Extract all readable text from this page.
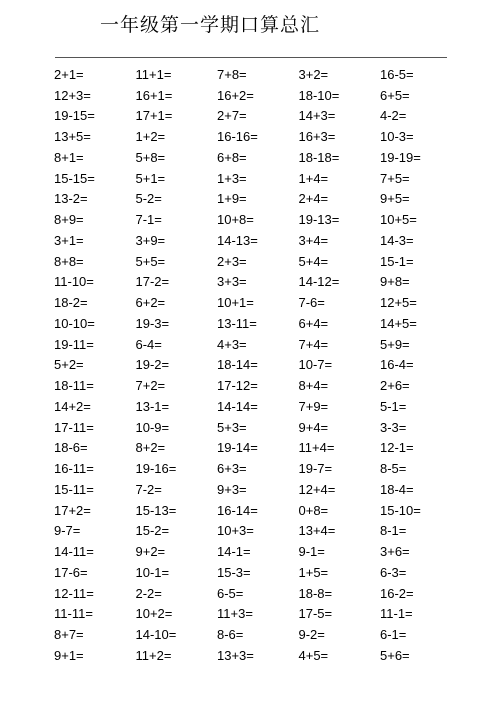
一年级第一学期口算总汇
2+1=	11+1=	7+8=	3+2=	16-5=
12+3=	16+1=	16+2=	18-10=	6+5=
19-15=	17+1=	2+7=	14+3=	4-2=
13+5=	1+2=	16-16=	16+3=	10-3=
8+1=	5+8=	6+8=	18-18=	19-19=
15-15=	5+1=	1+3=	1+4=	7+5=
13-2=	5-2=	1+9=	2+4=	9+5=
8+9=	7-1=	10+8=	19-13=	10+5=
3+1=	3+9=	14-13=	3+4=	14-3=
8+8=	5+5=	2+3=	5+4=	15-1=
11-10=	17-2=	3+3=	14-12=	9+8=
18-2=	6+2=	10+1=	7-6=	12+5=
10-10=	19-3=	13-11=	6+4=	14+5=
19-11=	6-4=	4+3=	7+4=	5+9=
5+2=	19-2=	18-14=	10-7=	16-4=
18-11=	7+2=	17-12=	8+4=	2+6=
14+2=	13-1=	14-14=	7+9=	5-1=
17-11=	10-9=	5+3=	9+4=	3-3=
18-6=	8+2=	19-14=	11+4=	12-1=
16-11=	19-16=	6+3=	19-7=	8-5=
15-11=	7-2=	9+3=	12+4=	18-4=
17+2=	15-13=	16-14=	0+8=	15-10=
9-7=	15-2=	10+3=	13+4=	8-1=
14-11=	9+2=	14-1=	9-1=	3+6=
17-6=	10-1=	15-3=	1+5=	6-3=
12-11=	2-2=	6-5=	18-8=	16-2=
11-11=	10+2=	11+3=	17-5=	11-1=
8+7=	14-10=	8-6=	9-2=	6-1=
9+1=	11+2=	13+3=	4+5=	5+6=
